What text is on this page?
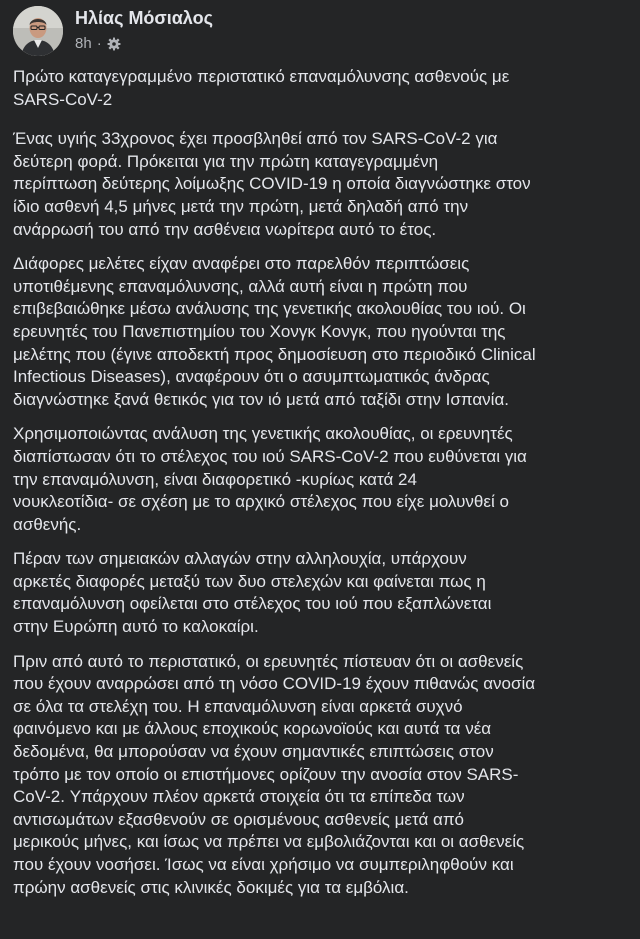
Ηλίας Μόσιαλος
8h ·

Πρώτο καταγεγραμμένο περιστατικό επαναμόλυνσης ασθενούς με
SARS-CoV-2

Ένας υγιής 33χρονος έχει προσβληθεί από τον SARS-CoV-2 για
δεύτερη φορά. Πρόκειται για την πρώτη καταγεγραμμένη
περίπτωση δεύτερης λοίμωξης COVID-19 η οποία διαγνώστηκε στον
ίδιο ασθενή 4,5 μήνες μετά την πρώτη, μετά δηλαδή από την
ανάρρωσή του από την ασθένεια νωρίτερα αυτό το έτος.

Διάφορες μελέτες είχαν αναφέρει στο παρελθόν περιπτώσεις
υποτιθέμενης επαναμόλυνσης, αλλά αυτή είναι η πρώτη που
επιβεβαιώθηκε μέσω ανάλυσης της γενετικής ακολουθίας του ιού. Οι
ερευνητές του Πανεπιστημίου του Χονγκ Κονγκ, που ηγούνται της
μελέτης που (έγινε αποδεκτή προς δημοσίευση στο περιοδικό Clinical
Infectious Diseases), αναφέρουν ότι ο ασυμπτωματικός άνδρας
διαγνώστηκε ξανά θετικός για τον ιό μετά από ταξίδι στην Ισπανία.

Χρησιμοποιώντας ανάλυση της γενετικής ακολουθίας, οι ερευνητές
διαπίστωσαν ότι το στέλεχος του ιού SARS-CoV-2 που ευθύνεται για
την επαναμόλυνση, είναι διαφορετικό -κυρίως κατά 24
νουκλεοτίδια- σε σχέση με το αρχικό στέλεχος που είχε μολυνθεί ο
ασθενής.

Πέραν των σημειακών αλλαγών στην αλληλουχία, υπάρχουν
αρκετές διαφορές μεταξύ των δυο στελεχών και φαίνεται πως η
επαναμόλυνση οφείλεται στο στέλεχος του ιού που εξαπλώνεται
στην Ευρώπη αυτό το καλοκαίρι.

Πριν από αυτό το περιστατικό, οι ερευνητές πίστευαν ότι οι ασθενείς
που έχουν αναρρώσει από τη νόσο COVID-19 έχουν πιθανώς ανοσία
σε όλα τα στελέχη του. Η επαναμόλυνση είναι αρκετά συχνό
φαινόμενο και με άλλους εποχικούς κορωνοϊούς και αυτά τα νέα
δεδομένα, θα μπορούσαν να έχουν σημαντικές επιπτώσεις στον
τρόπο με τον οποίο οι επιστήμονες ορίζουν την ανοσία στον SARS-
CoV-2. Υπάρχουν πλέον αρκετά στοιχεία ότι τα επίπεδα των
αντισωμάτων εξασθενούν σε ορισμένους ασθενείς μετά από
μερικούς μήνες, και ίσως να πρέπει να εμβολιάζονται και οι ασθενείς
που έχουν νοσήσει. Ίσως να είναι χρήσιμο να συμπεριληφθούν και
πρώην ασθενείς στις κλινικές δοκιμές για τα εμβόλια.
